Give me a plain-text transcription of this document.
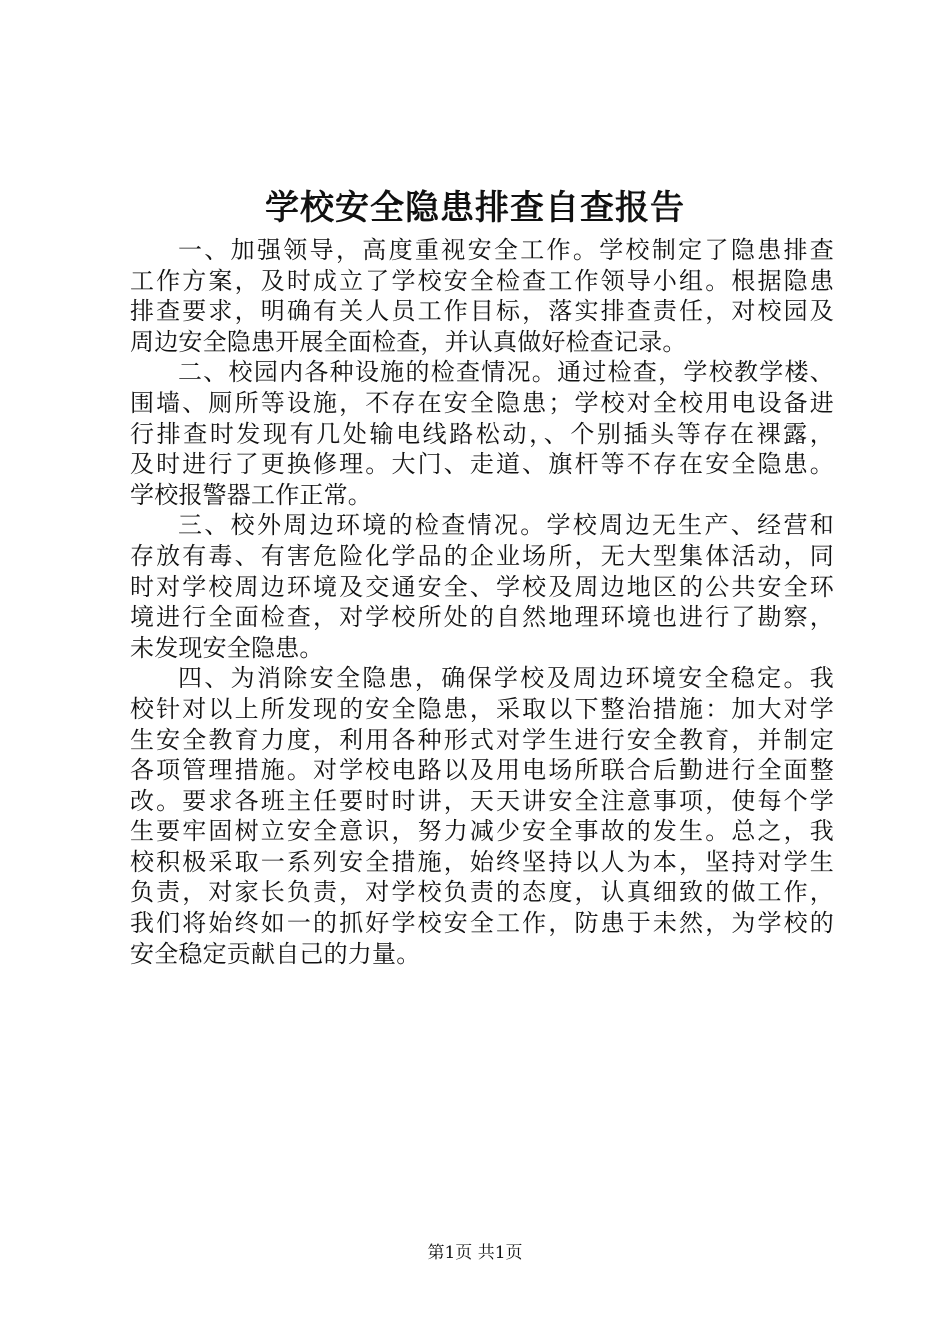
学校安全隐患排查自查报告
一、加强领导，高度重视安全工作。学校制定了隐患排查
工作方案，及时成立了学校安全检查工作领导小组。根据隐患
排查要求，明确有关人员工作目标，落实排查责任，对校园及
周边安全隐患开展全面检查，并认真做好检查记录。
二、校园内各种设施的检查情况。通过检查，学校教学楼、
围墙、厕所等设施，不存在安全隐患；学校对全校用电设备进
行排查时发现有几处输电线路松动，、个别插头等存在裸露，
及时进行了更换修理。大门、走道、旗杆等不存在安全隐患。
学校报警器工作正常。
三、校外周边环境的检查情况。学校周边无生产、经营和
存放有毒、有害危险化学品的企业场所，无大型集体活动，同
时对学校周边环境及交通安全、学校及周边地区的公共安全环
境进行全面检查，对学校所处的自然地理环境也进行了勘察，
未发现安全隐患。
四、为消除安全隐患，确保学校及周边环境安全稳定。我
校针对以上所发现的安全隐患，采取以下整治措施：加大对学
生安全教育力度，利用各种形式对学生进行安全教育，并制定
各项管理措施。对学校电路以及用电场所联合后勤进行全面整
改。要求各班主任要时时讲，天天讲安全注意事项，使每个学
生要牢固树立安全意识，努力减少安全事故的发生。总之，我
校积极采取一系列安全措施，始终坚持以人为本，坚持对学生
负责，对家长负责，对学校负责的态度，认真细致的做工作，
我们将始终如一的抓好学校安全工作，防患于未然，为学校的
安全稳定贡献自己的力量。
第1页 共1页
